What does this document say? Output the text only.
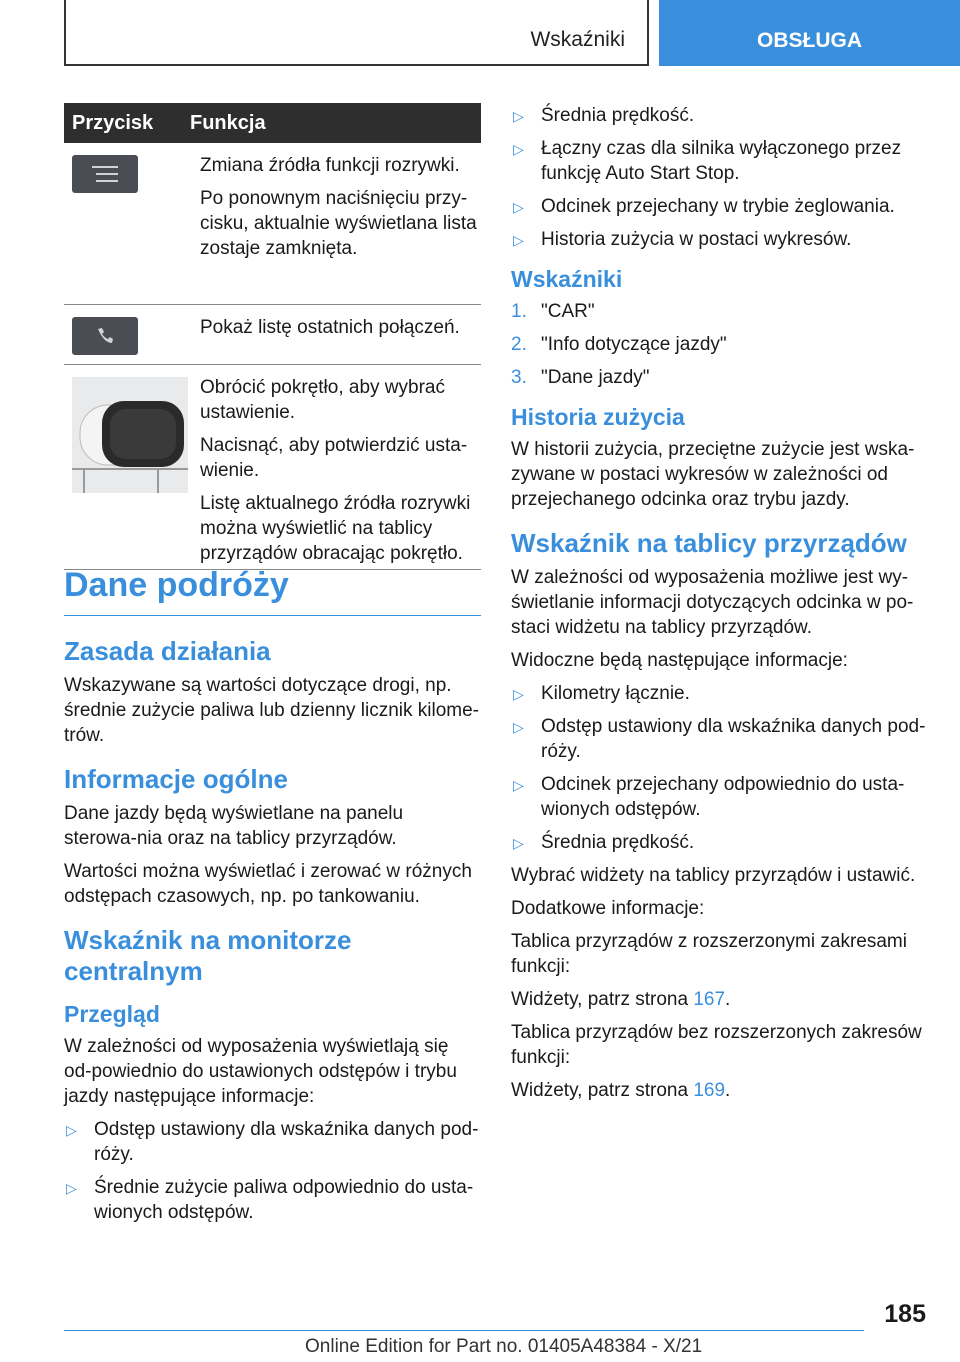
Wskaźniki	OBSŁUGA
Przycisk	Funkcja

Zmiana źródła funkcji rozrywki.

Po ponownym naciśnięciu przy-cisku, aktualnie wyświetlana lista zostaje zamknięta.

Pokaż listę ostatnich połączeń.

Obrócić pokrętło, aby wybrać ustawienie.

Nacisnąć, aby potwierdzić usta-wienie.

Listę aktualnego źródła rozrywki można wyświetlić na tablicy przyrządów obracając pokrętło.

Dane podróży
Zasada działania

Wskazywane są wartości dotyczące drogi, np. średnie zużycie paliwa lub dzienny licznik kilome-trów.

Informacje ogólne

Dane jazdy będą wyświetlane na panelu sterowa-nia oraz na tablicy przyrządów.

Wartości można wyświetlać i zerować w różnych odstępach czasowych, np. po tankowaniu.

Wskaźnik na monitorze centralnym
Przegląd

W zależności od wyposażenia wyświetlają się od-powiednio do ustawionych odstępów i trybu jazdy następujące informacje:

▷ Odstęp ustawiony dla wskaźnika danych pod-róży.
▷ Średnie zużycie paliwa odpowiednio do usta-wionych odstępów.
▷ Średnia prędkość.
▷ Łączny czas dla silnika wyłączonego przez funkcję Auto Start Stop.
▷ Odcinek przejechany w trybie żeglowania.
▷ Historia zużycia w postaci wykresów.
Wskaźniki
1. "CAR"
2. "Info dotyczące jazdy"
3. "Dane jazdy"
Historia zużycia

W historii zużycia, przeciętne zużycie jest wska-zywane w postaci wykresów w zależności od przejechanego odcinka oraz trybu jazdy.

Wskaźnik na tablicy przyrządów

W zależności od wyposażenia możliwe jest wy-świetlanie informacji dotyczących odcinka w po-staci widżetu na tablicy przyrządów.

Widoczne będą następujące informacje:

▷ Kilometry łącznie.
▷ Odstęp ustawiony dla wskaźnika danych pod-róży.
▷ Odcinek przejechany odpowiednio do usta-wionych odstępów.
▷ Średnia prędkość.

Wybrać widżety na tablicy przyrządów i ustawić.

Dodatkowe informacje:

Tablica przyrządów z rozszerzonymi zakresami funkcji:

Widżety, patrz strona 167.

Tablica przyrządów bez rozszerzonych zakresów funkcji:

Widżety, patrz strona 169.

185
Online Edition for Part no. 01405A48384 - X/21
